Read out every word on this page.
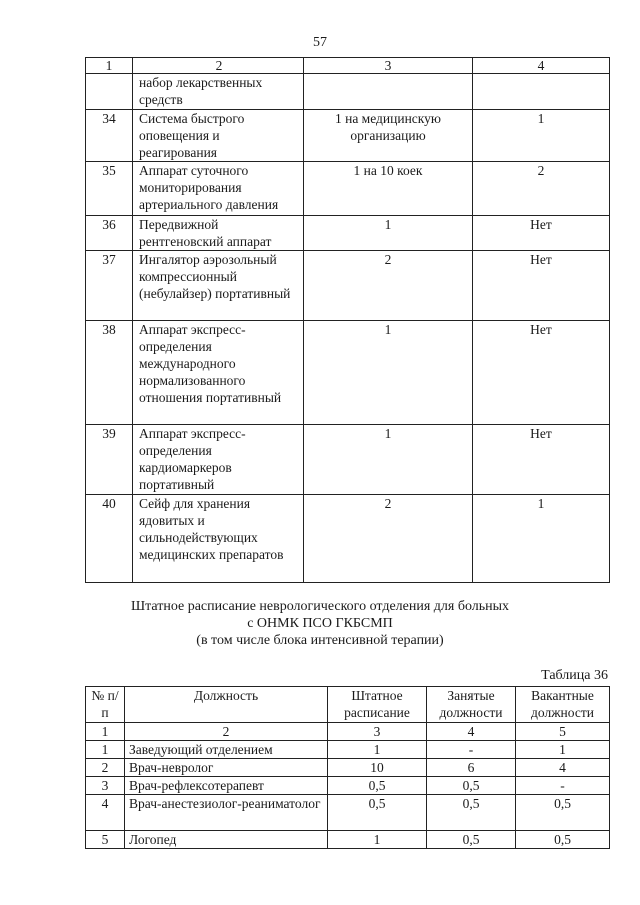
57
1	2	3	4
	набор лекарственных средств		
34	Система быстрого оповещения и реагирования	1 на медицинскую организацию	1
35	Аппарат суточного мониторирования артериального давления	1 на 10 коек	2
36	Передвижной рентгеновский аппарат	1	Нет
37	Ингалятор аэрозольный компрессионный (небулайзер) портативный	2	Нет
38	Аппарат экспресс-определения международного нормализованного отношения портативный	1	Нет
39	Аппарат экспресс-определения кардиомаркеров портативный	1	Нет
40	Сейф для хранения ядовитых и сильнодействующих медицинских препаратов	2	1
Штатное расписание неврологического отделения для больных
с ОНМК ПСО ГКБСМП
(в том числе блока интенсивной терапии)
Таблица 36
№ п/п	Должность	Штатное расписание	Занятые должности	Вакантные должности
1	2	3	4	5
1	Заведующий отделением	1	-	1
2	Врач-невролог	10	6	4
3	Врач-рефлексотерапевт	0,5	0,5	-
4	Врач-анестезиолог-реаниматолог	0,5	0,5	0,5
5	Логопед	1	0,5	0,5
